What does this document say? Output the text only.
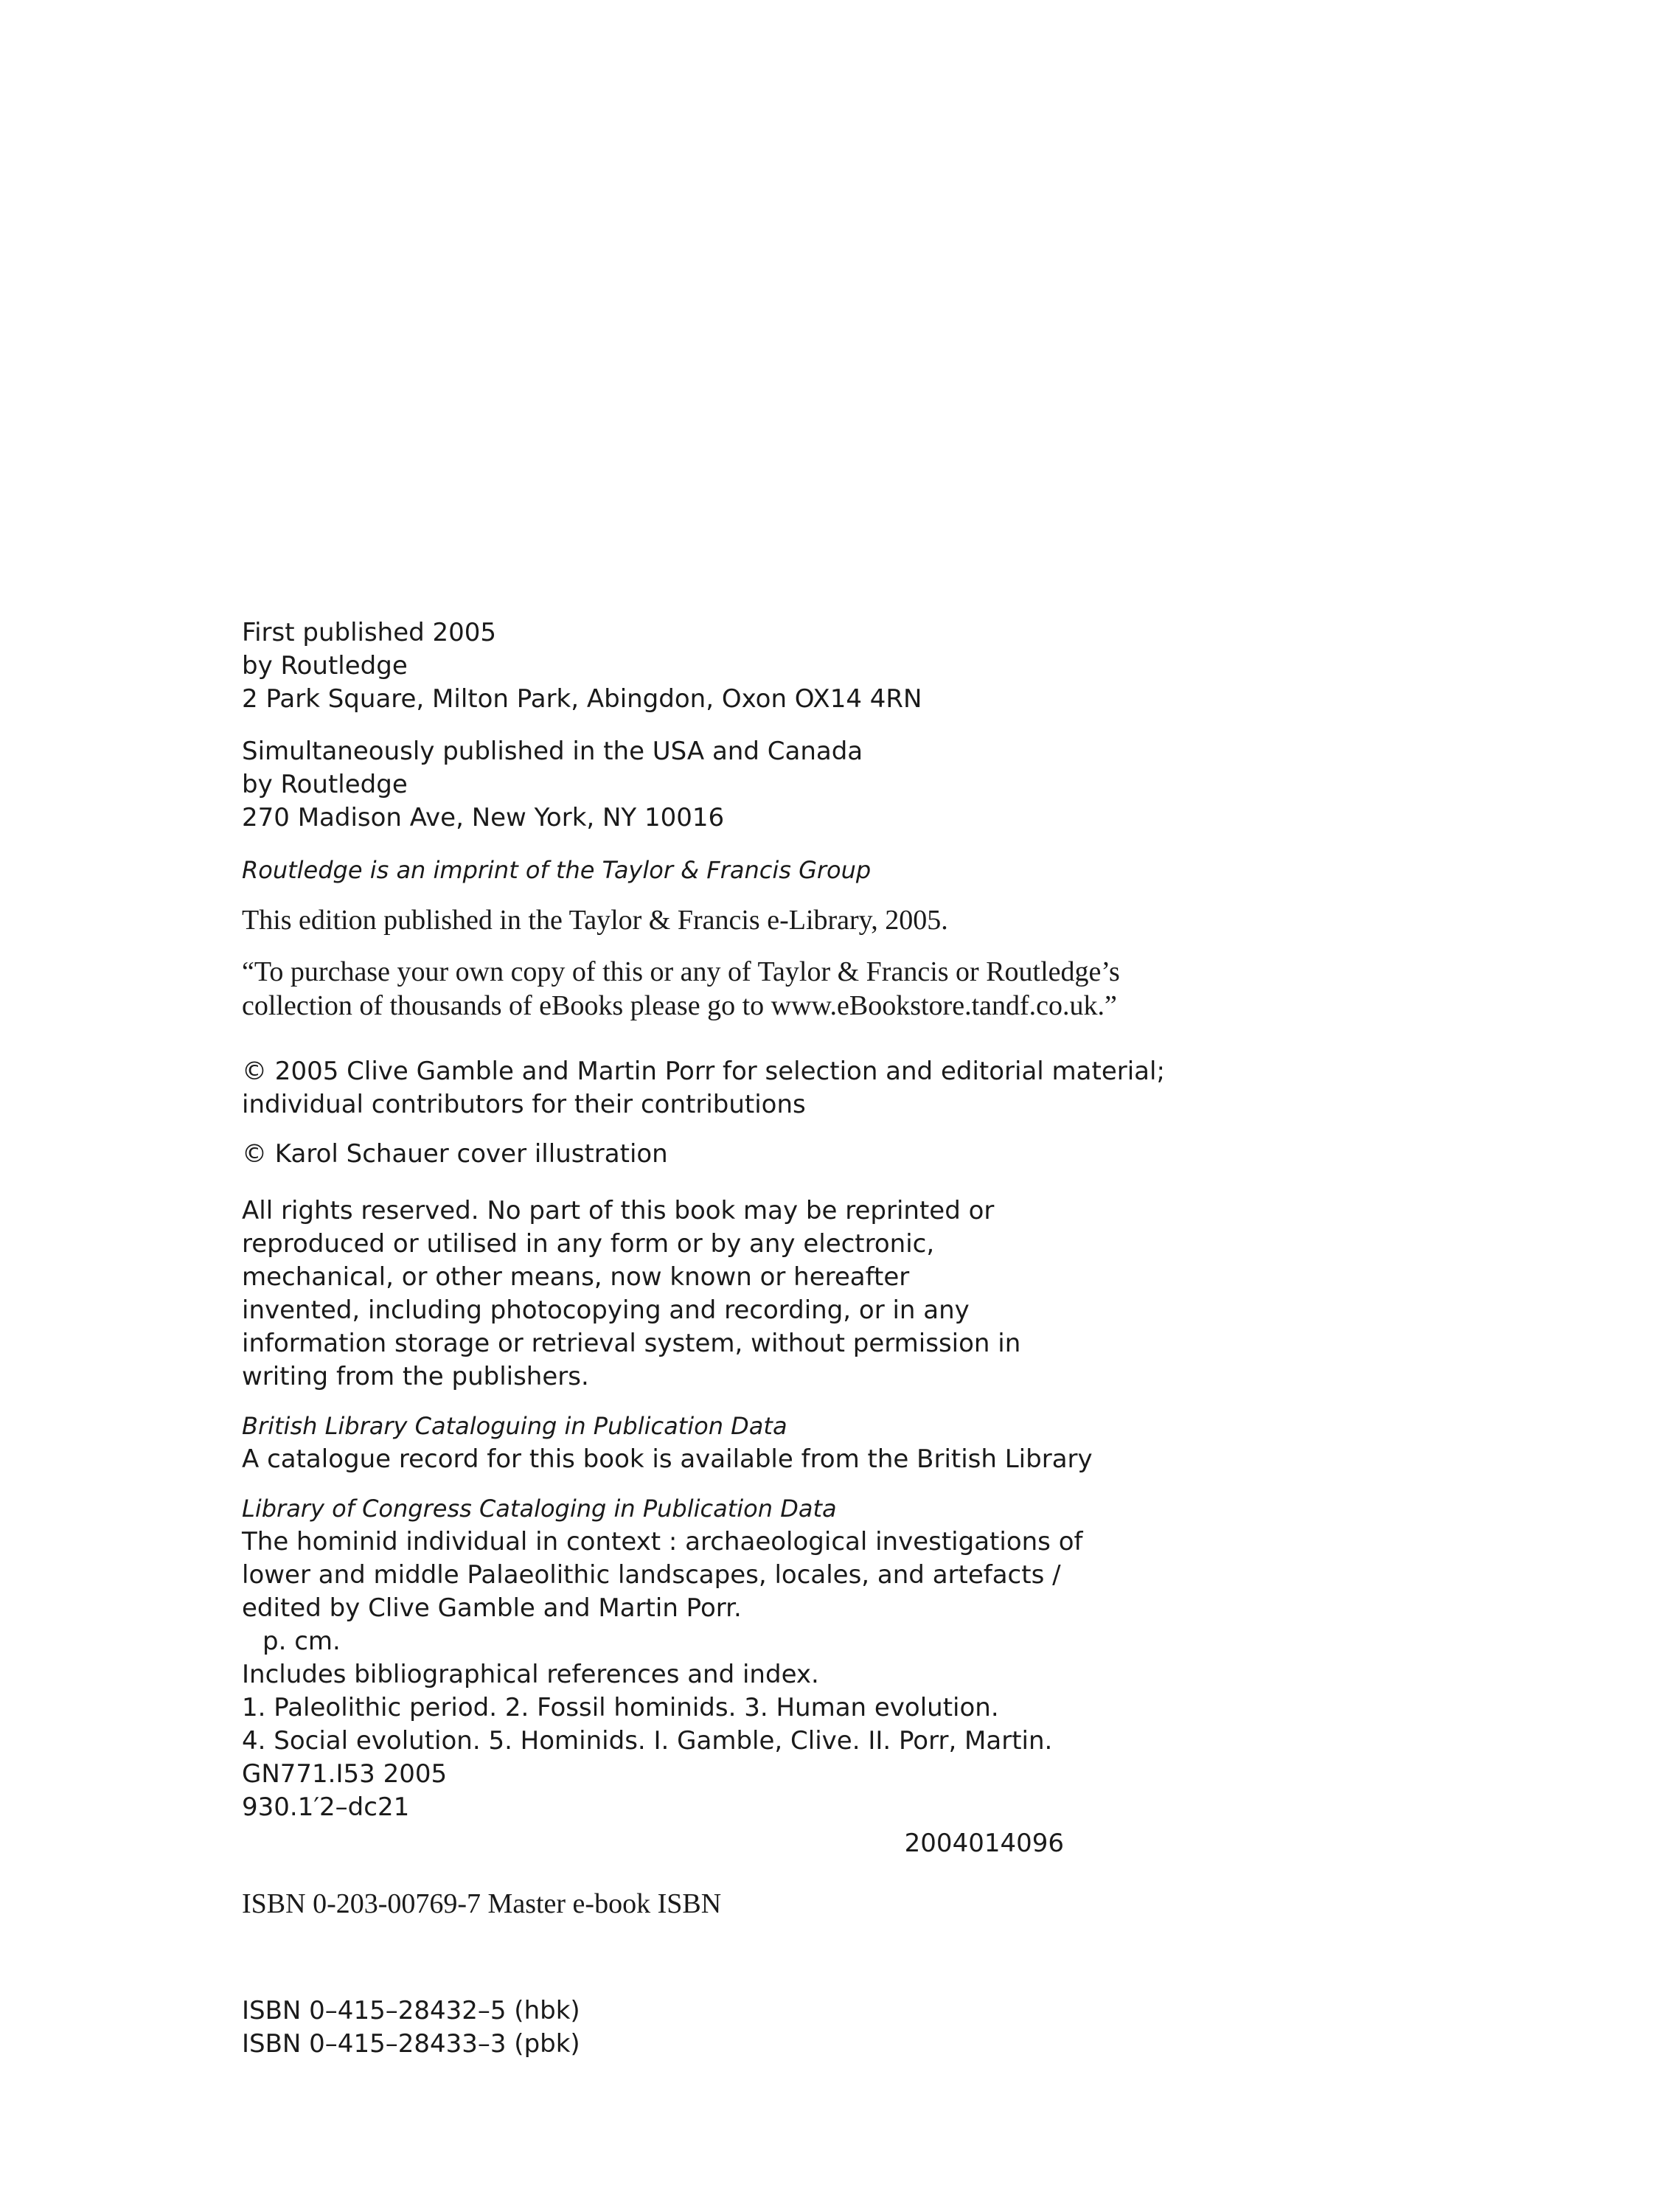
First published 2005
by Routledge
2 Park Square, Milton Park, Abingdon, Oxon OX14 4RN
Simultaneously published in the USA and Canada
by Routledge
270 Madison Ave, New York, NY 10016
Routledge is an imprint of the Taylor & Francis Group
This edition published in the Taylor & Francis e-Library, 2005.
“To purchase your own copy of this or any of Taylor & Francis or Routledge’s
collection of thousands of eBooks please go to www.eBookstore.tandf.co.uk.”
© 2005 Clive Gamble and Martin Porr for selection and editorial material;
individual contributors for their contributions
© Karol Schauer cover illustration
All rights reserved. No part of this book may be reprinted or
reproduced or utilised in any form or by any electronic,
mechanical, or other means, now known or hereafter
invented, including photocopying and recording, or in any
information storage or retrieval system, without permission in
writing from the publishers.
British Library Cataloguing in Publication Data
A catalogue record for this book is available from the British Library
Library of Congress Cataloging in Publication Data
The hominid individual in context : archaeological investigations of
lower and middle Palaeolithic landscapes, locales, and artefacts /
edited by Clive Gamble and Martin Porr.
p. cm.
Includes bibliographical references and index.
1. Paleolithic period. 2. Fossil hominids. 3. Human evolution.
4. Social evolution. 5. Hominids. I. Gamble, Clive. II. Porr, Martin.
GN771.I53 2005
930.1′2–dc21
2004014096
ISBN 0-203-00769-7 Master e-book ISBN
ISBN 0–415–28432–5 (hbk)
ISBN 0–415–28433–3 (pbk)
